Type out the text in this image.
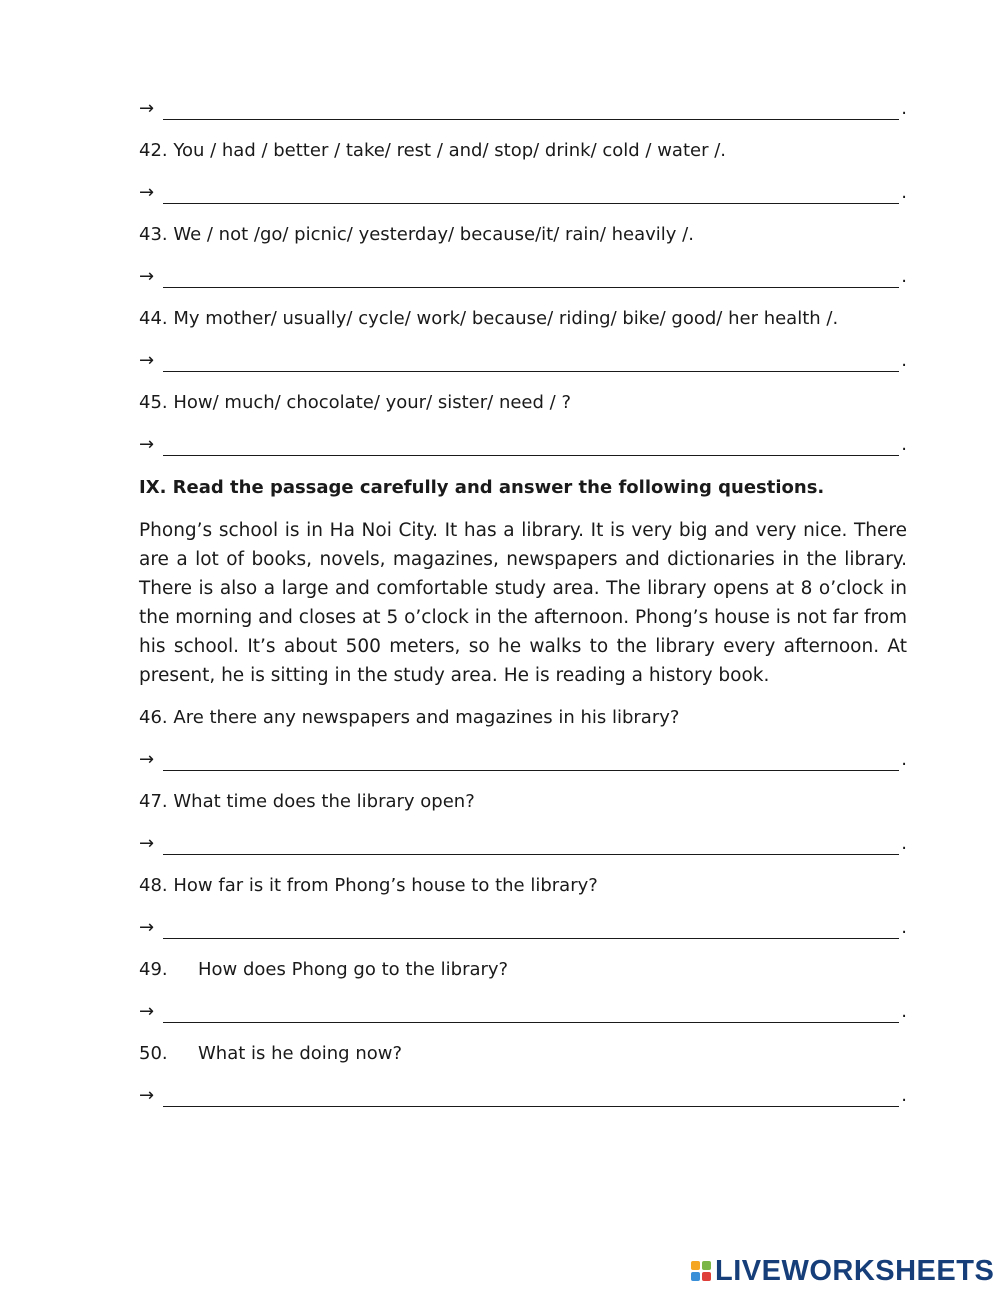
→	.
42. You / had / better / take/ rest / and/ stop/ drink/ cold / water /.
→	.
43. We / not /go/ picnic/ yesterday/ because/it/ rain/ heavily /.
→	.
44. My mother/ usually/ cycle/ work/ because/ riding/ bike/ good/ her health /.
→	.
45. How/ much/ chocolate/ your/ sister/ need / ?
→	.
IX. Read the passage carefully and answer the following questions.
Phong’s school is in Ha Noi City. It has a library. It is very big and very nice. There are a lot of books, novels, magazines, newspapers and dictionaries in the library. There is also a large and comfortable study area. The library opens at 8 o’clock in the morning and closes at 5 o’clock in the afternoon. Phong’s house is not far from his school. It’s about 500 meters, so he walks to the library every afternoon. At present, he is sitting in the study area. He is reading a history book.
46. Are there any newspapers and magazines in his library?
→	.
47. What time does the library open?
→	.
48. How far is it from Phong’s house to the library?
→	.
49. How does Phong go to the library?
→	.
50. What is he doing now?
→	.
LIVEWORKSHEETS
